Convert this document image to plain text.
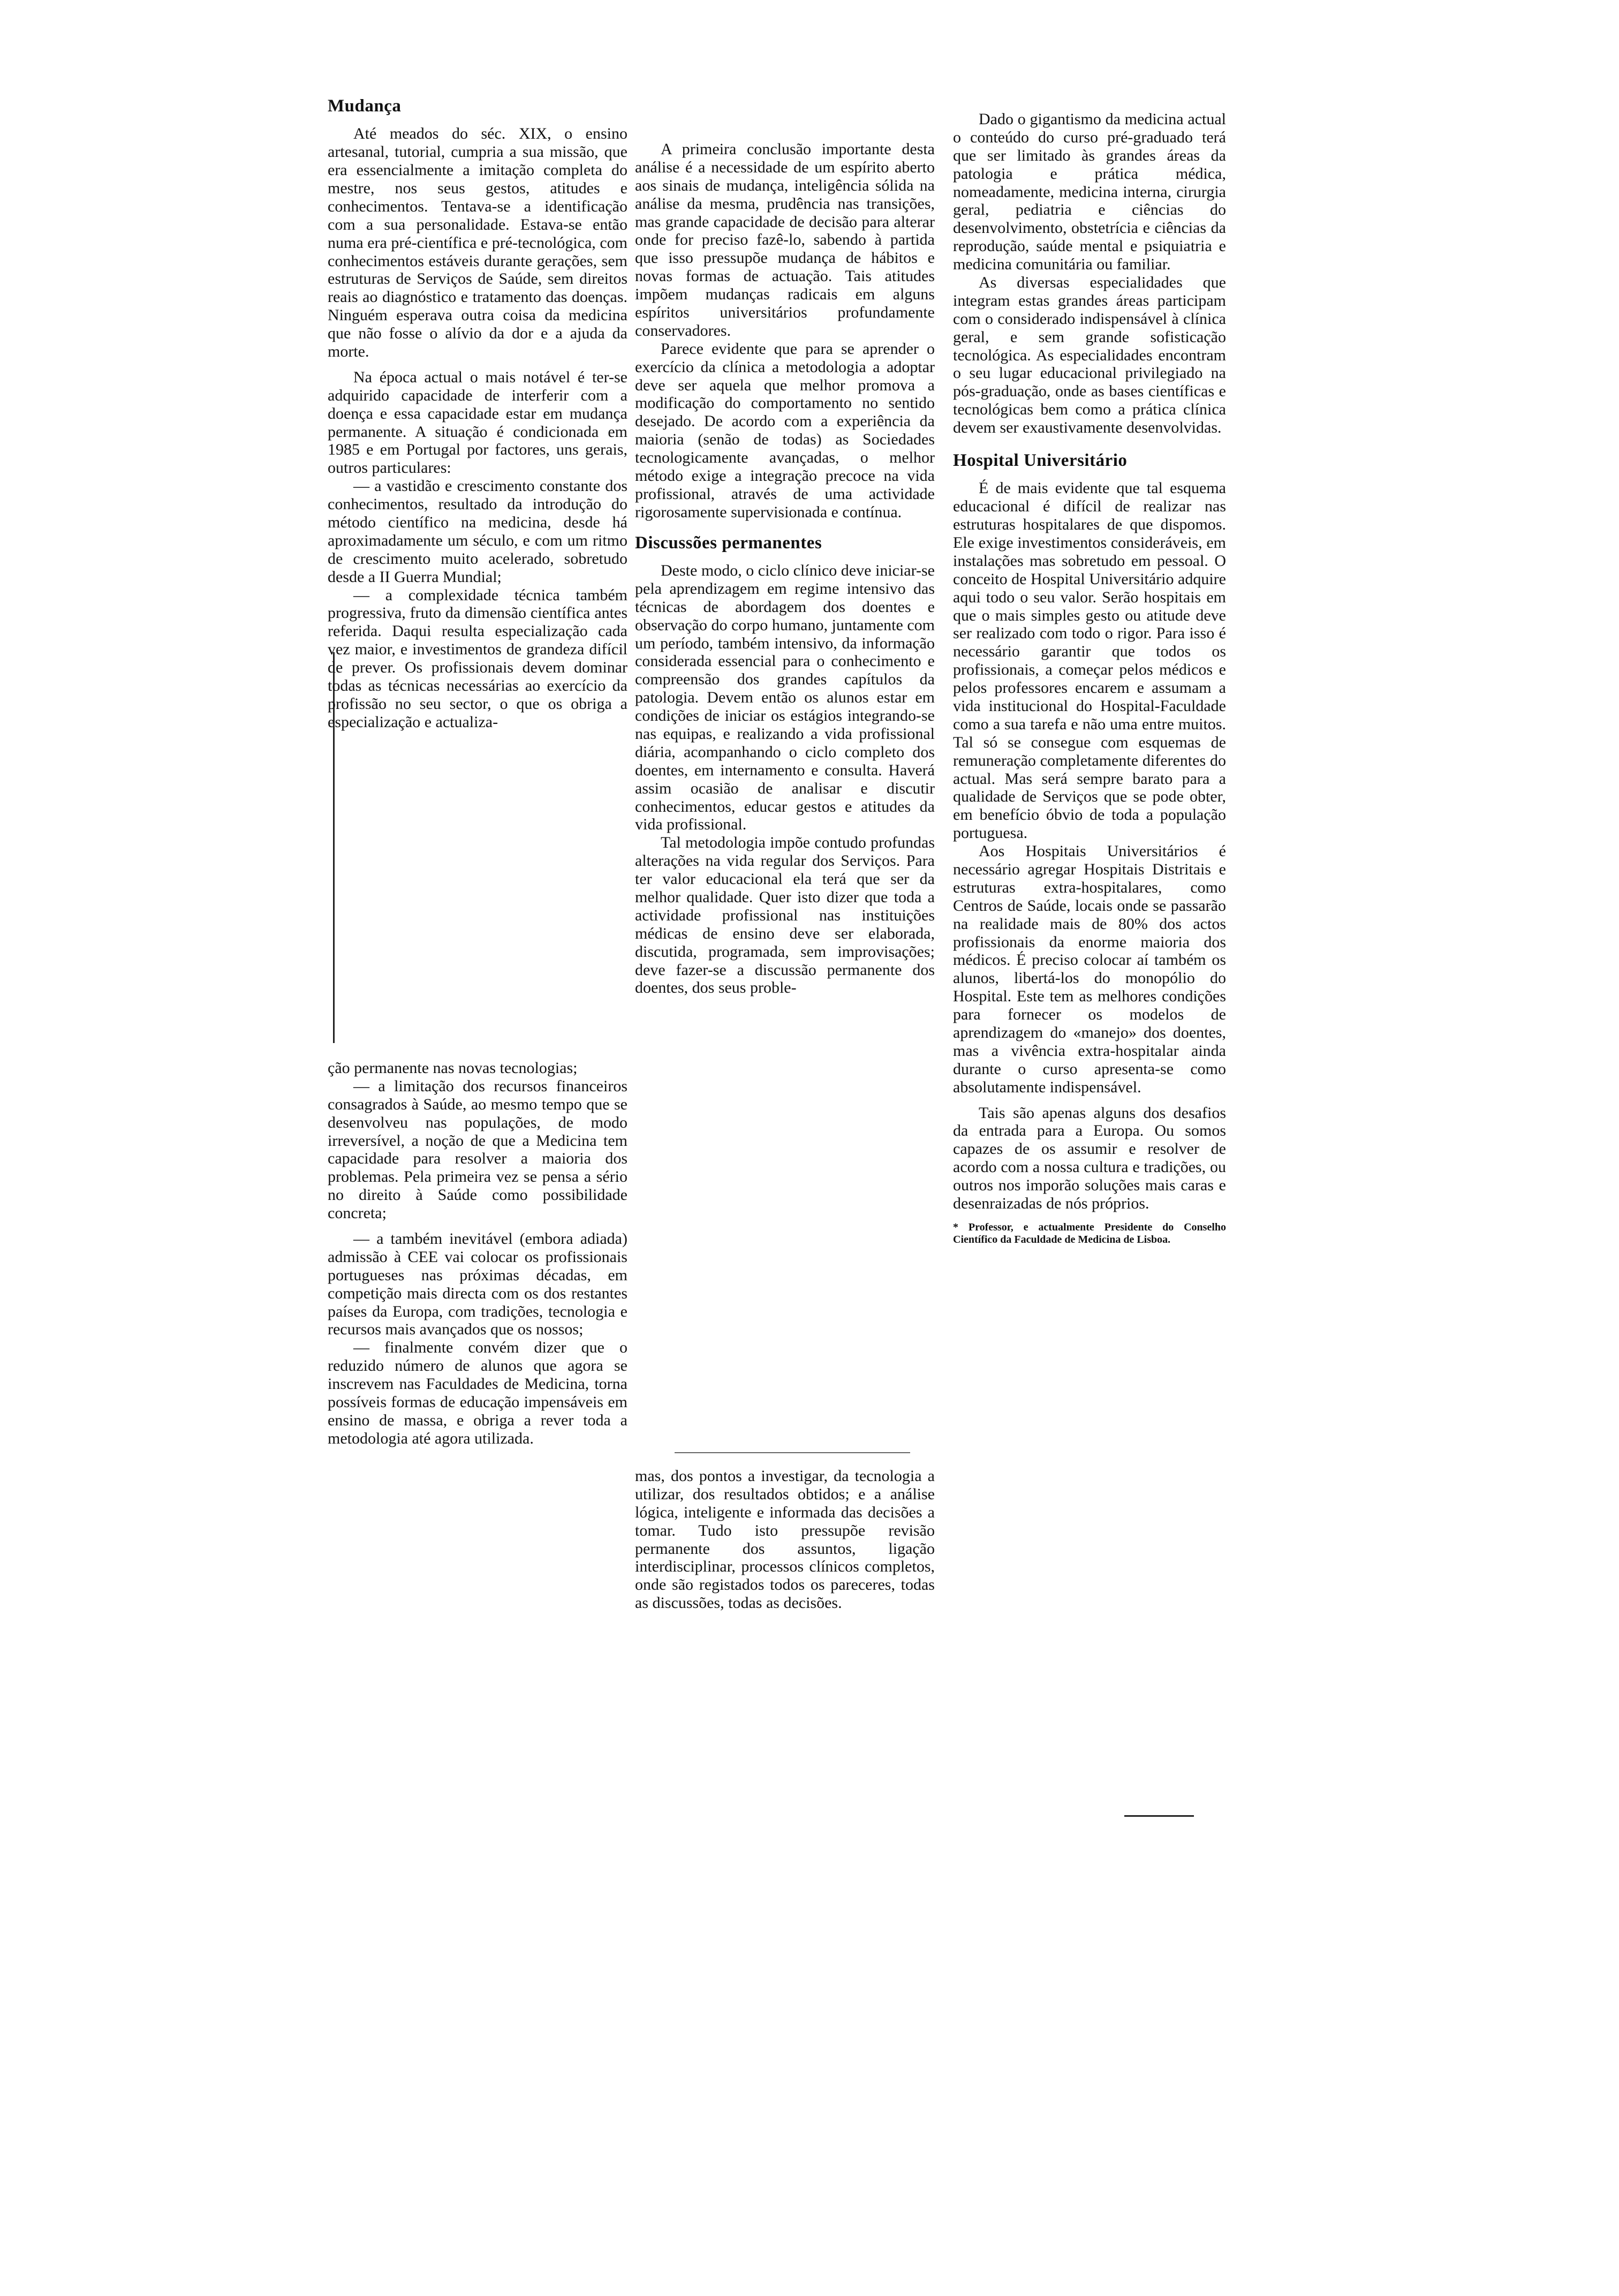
Mudança

Até meados do séc. XIX, o ensino artesanal, tutorial, cumpria a sua missão, que era essencialmente a imitação completa do mestre, nos seus gestos, atitudes e conhecimentos. Tentava-se a identificação com a sua personalidade. Estava-se então numa era pré-científica e pré-tecnológica, com conhecimentos estáveis durante gerações, sem estruturas de Serviços de Saúde, sem direitos reais ao diagnóstico e tratamento das doenças. Ninguém esperava outra coisa da medicina que não fosse o alívio da dor e a ajuda da morte.

Na época actual o mais notável é ter-se adquirido capacidade de interferir com a doença e essa capacidade estar em mudança permanente. A situação é condicionada em 1985 e em Portugal por factores, uns gerais, outros particulares:

— a vastidão e crescimento constante dos conhecimentos, resultado da introdução do método científico na medicina, desde há aproximadamente um século, e com um ritmo de crescimento muito acelerado, sobretudo desde a II Guerra Mundial;

— a complexidade técnica também progressiva, fruto da dimensão científica antes referida. Daqui resulta especialização cada vez maior, e investimentos de grandeza difícil de prever. Os profissionais devem dominar todas as técnicas necessárias ao exercício da profissão no seu sector, o que os obriga a especialização e actualiza-

ção permanente nas novas tecnologias;

— a limitação dos recursos financeiros consagrados à Saúde, ao mesmo tempo que se desenvolveu nas populações, de modo irreversível, a noção de que a Medicina tem capacidade para resolver a maioria dos problemas. Pela primeira vez se pensa a sério no direito à Saúde como possibilidade concreta;

— a também inevitável (embora adiada) admissão à CEE vai colocar os profissionais portugueses nas próximas décadas, em competição mais directa com os dos restantes países da Europa, com tradições, tecnologia e recursos mais avançados que os nossos;

— finalmente convém dizer que o reduzido número de alunos que agora se inscrevem nas Faculdades de Medicina, torna possíveis formas de educação impensáveis em ensino de massa, e obriga a rever toda a metodologia até agora utilizada.

A primeira conclusão importante desta análise é a necessidade de um espírito aberto aos sinais de mudança, inteligência sólida na análise da mesma, prudência nas transições, mas grande capacidade de decisão para alterar onde for preciso fazê-lo, sabendo à partida que isso pressupõe mudança de hábitos e novas formas de actuação. Tais atitudes impõem mudanças radicais em alguns espíritos universitários profundamente conservadores.

Parece evidente que para se aprender o exercício da clínica a metodologia a adoptar deve ser aquela que melhor promova a modificação do comportamento no sentido desejado. De acordo com a experiência da maioria (senão de todas) as Sociedades tecnologicamente avançadas, o melhor método exige a integração precoce na vida profissional, através de uma actividade rigorosamente supervisionada e contínua.

Discussões permanentes

Deste modo, o ciclo clínico deve iniciar-se pela aprendizagem em regime intensivo das técnicas de abordagem dos doentes e observação do corpo humano, juntamente com um período, também intensivo, da informação considerada essencial para o conhecimento e compreensão dos grandes capítulos da patologia. Devem então os alunos estar em condições de iniciar os estágios integrando-se nas equipas, e realizando a vida profissional diária, acompanhando o ciclo completo dos doentes, em internamento e consulta. Haverá assim ocasião de analisar e discutir conhecimentos, educar gestos e atitudes da vida profissional.

Tal metodologia impõe contudo profundas alterações na vida regular dos Serviços. Para ter valor educacional ela terá que ser da melhor qualidade. Quer isto dizer que toda a actividade profissional nas instituições médicas de ensino deve ser elaborada, discutida, programada, sem improvisações; deve fazer-se a discussão permanente dos doentes, dos seus proble-

mas, dos pontos a investigar, da tecnologia a utilizar, dos resultados obtidos; e a análise lógica, inteligente e informada das decisões a tomar. Tudo isto pressupõe revisão permanente dos assuntos, ligação interdisciplinar, processos clínicos completos, onde são registados todos os pareceres, todas as discussões, todas as decisões.

Dado o gigantismo da medicina actual o conteúdo do curso pré-graduado terá que ser limitado às grandes áreas da patologia e prática médica, nomeadamente, medicina interna, cirurgia geral, pediatria e ciências do desenvolvimento, obstetrícia e ciências da reprodução, saúde mental e psiquiatria e medicina comunitária ou familiar.

As diversas especialidades que integram estas grandes áreas participam com o considerado indispensável à clínica geral, e sem grande sofisticação tecnológica. As especialidades encontram o seu lugar educacional privilegiado na pós-graduação, onde as bases científicas e tecnológicas bem como a prática clínica devem ser exaustivamente desenvolvidas.

Hospital Universitário

É de mais evidente que tal esquema educacional é difícil de realizar nas estruturas hospitalares de que dispomos. Ele exige investimentos consideráveis, em instalações mas sobretudo em pessoal. O conceito de Hospital Universitário adquire aqui todo o seu valor. Serão hospitais em que o mais simples gesto ou atitude deve ser realizado com todo o rigor. Para isso é necessário garantir que todos os profissionais, a começar pelos médicos e pelos professores encarem e assumam a vida institucional do Hospital-Faculdade como a sua tarefa e não uma entre muitos. Tal só se consegue com esquemas de remuneração completamente diferentes do actual. Mas será sempre barato para a qualidade de Serviços que se pode obter, em benefício óbvio de toda a população portuguesa.

Aos Hospitais Universitários é necessário agregar Hospitais Distritais e estruturas extra-hospitalares, como Centros de Saúde, locais onde se passarão na realidade mais de 80% dos actos profissionais da enorme maioria dos médicos. É preciso colocar aí também os alunos, libertá-los do monopólio do Hospital. Este tem as melhores condições para fornecer os modelos de aprendizagem do «manejo» dos doentes, mas a vivência extra-hospitalar ainda durante o curso apresenta-se como absolutamente indispensável.

Tais são apenas alguns dos desafios da entrada para a Europa. Ou somos capazes de os assumir e resolver de acordo com a nossa cultura e tradições, ou outros nos imporão soluções mais caras e desenraizadas de nós próprios.

* Professor, e actualmente Presidente do Conselho Científico da Faculdade de Medicina de Lisboa.
